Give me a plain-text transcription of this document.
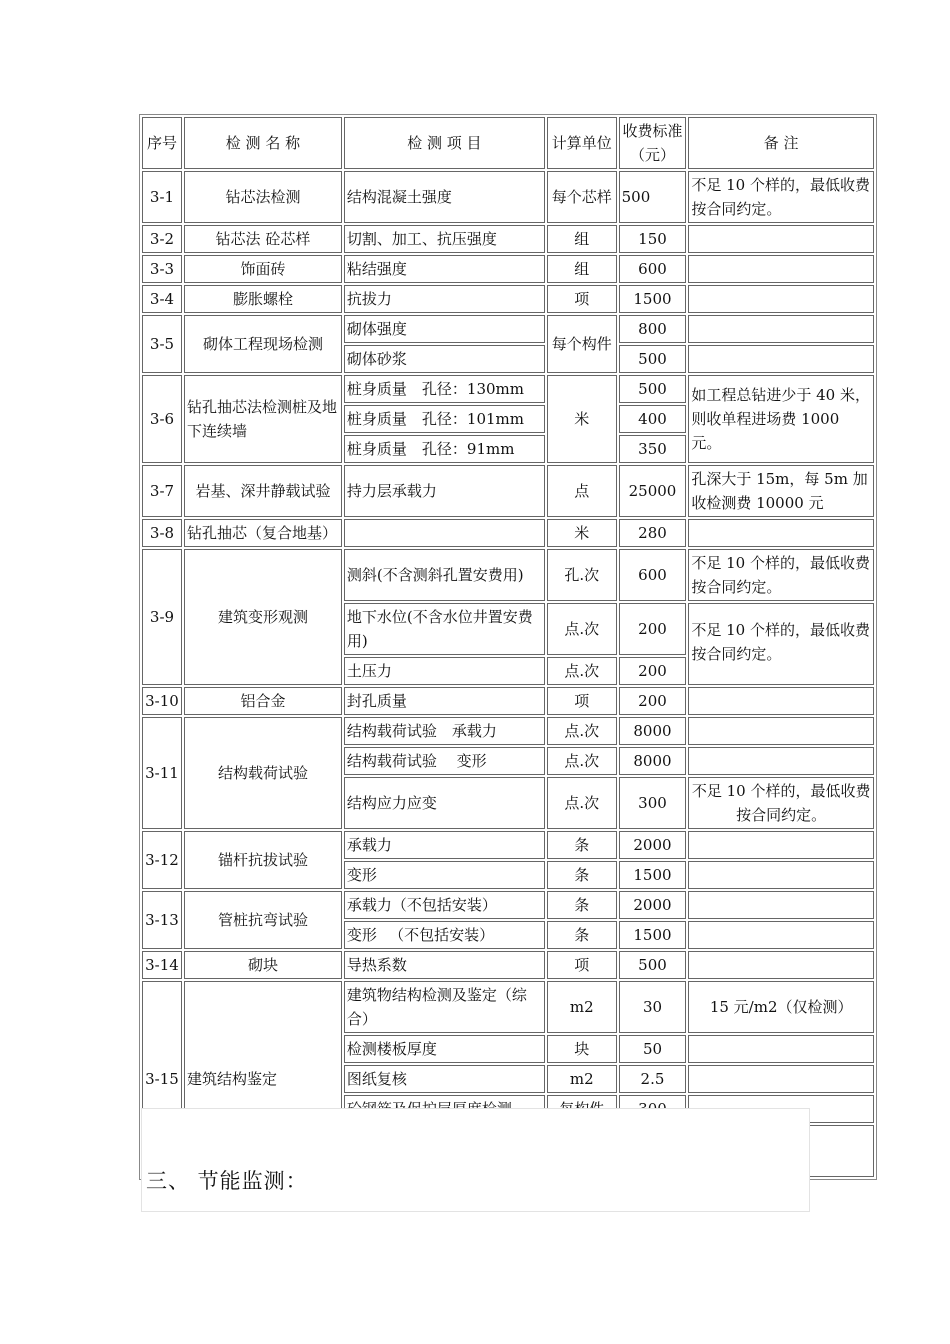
序号	检 测 名 称	检 测 项 目	计算单位	收费标准（元）	备 注
3-1	钻芯法检测	结构混凝土强度	每个芯样	500	不足 10 个样的，最低收费按合同约定。
3-2	钻芯法 砼芯样	切割、加工、抗压强度	组	150	
3-3	饰面砖	粘结强度	组	600	
3-4	膨胀螺栓	抗拔力	项	1500	
3-5	砌体工程现场检测	砌体强度	每个构件	800	
		砌体砂浆		500	
3-6	钻孔抽芯法检测桩及地下连续墙	桩身质量　孔径：130mm	米	500	如工程总钻进少于 40 米，则收单程进场费 1000 元。
		桩身质量　孔径：101mm		400	
		桩身质量　孔径：91mm		350	
3-7	岩基、深井静载试验	持力层承载力	点	25000	孔深大于 15m，每 5m 加收检测费 10000 元
3-8	钻孔抽芯（复合地基）		米	280	
3-9	建筑变形观测	测斜(不含测斜孔置安费用)	孔.次	600	不足 10 个样的，最低收费按合同约定。
		地下水位(不含水位井置安费用)	点.次	200	不足 10 个样的，最低收费按合同约定。
		土压力	点.次	200	
3-10	铝合金	封孔质量	项	200	
3-11	结构载荷试验	结构载荷试验　承载力	点.次	8000	
		结构载荷试验　 变形	点.次	8000	
		结构应力应变	点.次	300	不足 10 个样的，最低收费按合同约定。
3-12	锚杆抗拔试验	承载力	条	2000	
		变形	条	1500	
3-13	管桩抗弯试验	承载力（不包括安装）	条	2000	
		变形 　（不包括安装）	条	1500	
3-14	砌块	导热系数	项	500	
3-15	建筑结构鉴定	建筑物结构检测及鉴定（综合）	m2	30	15 元/m2（仅检测）
		检测楼板厚度	块	50	
		图纸复核	m2	2.5	

三、 节能监测：
